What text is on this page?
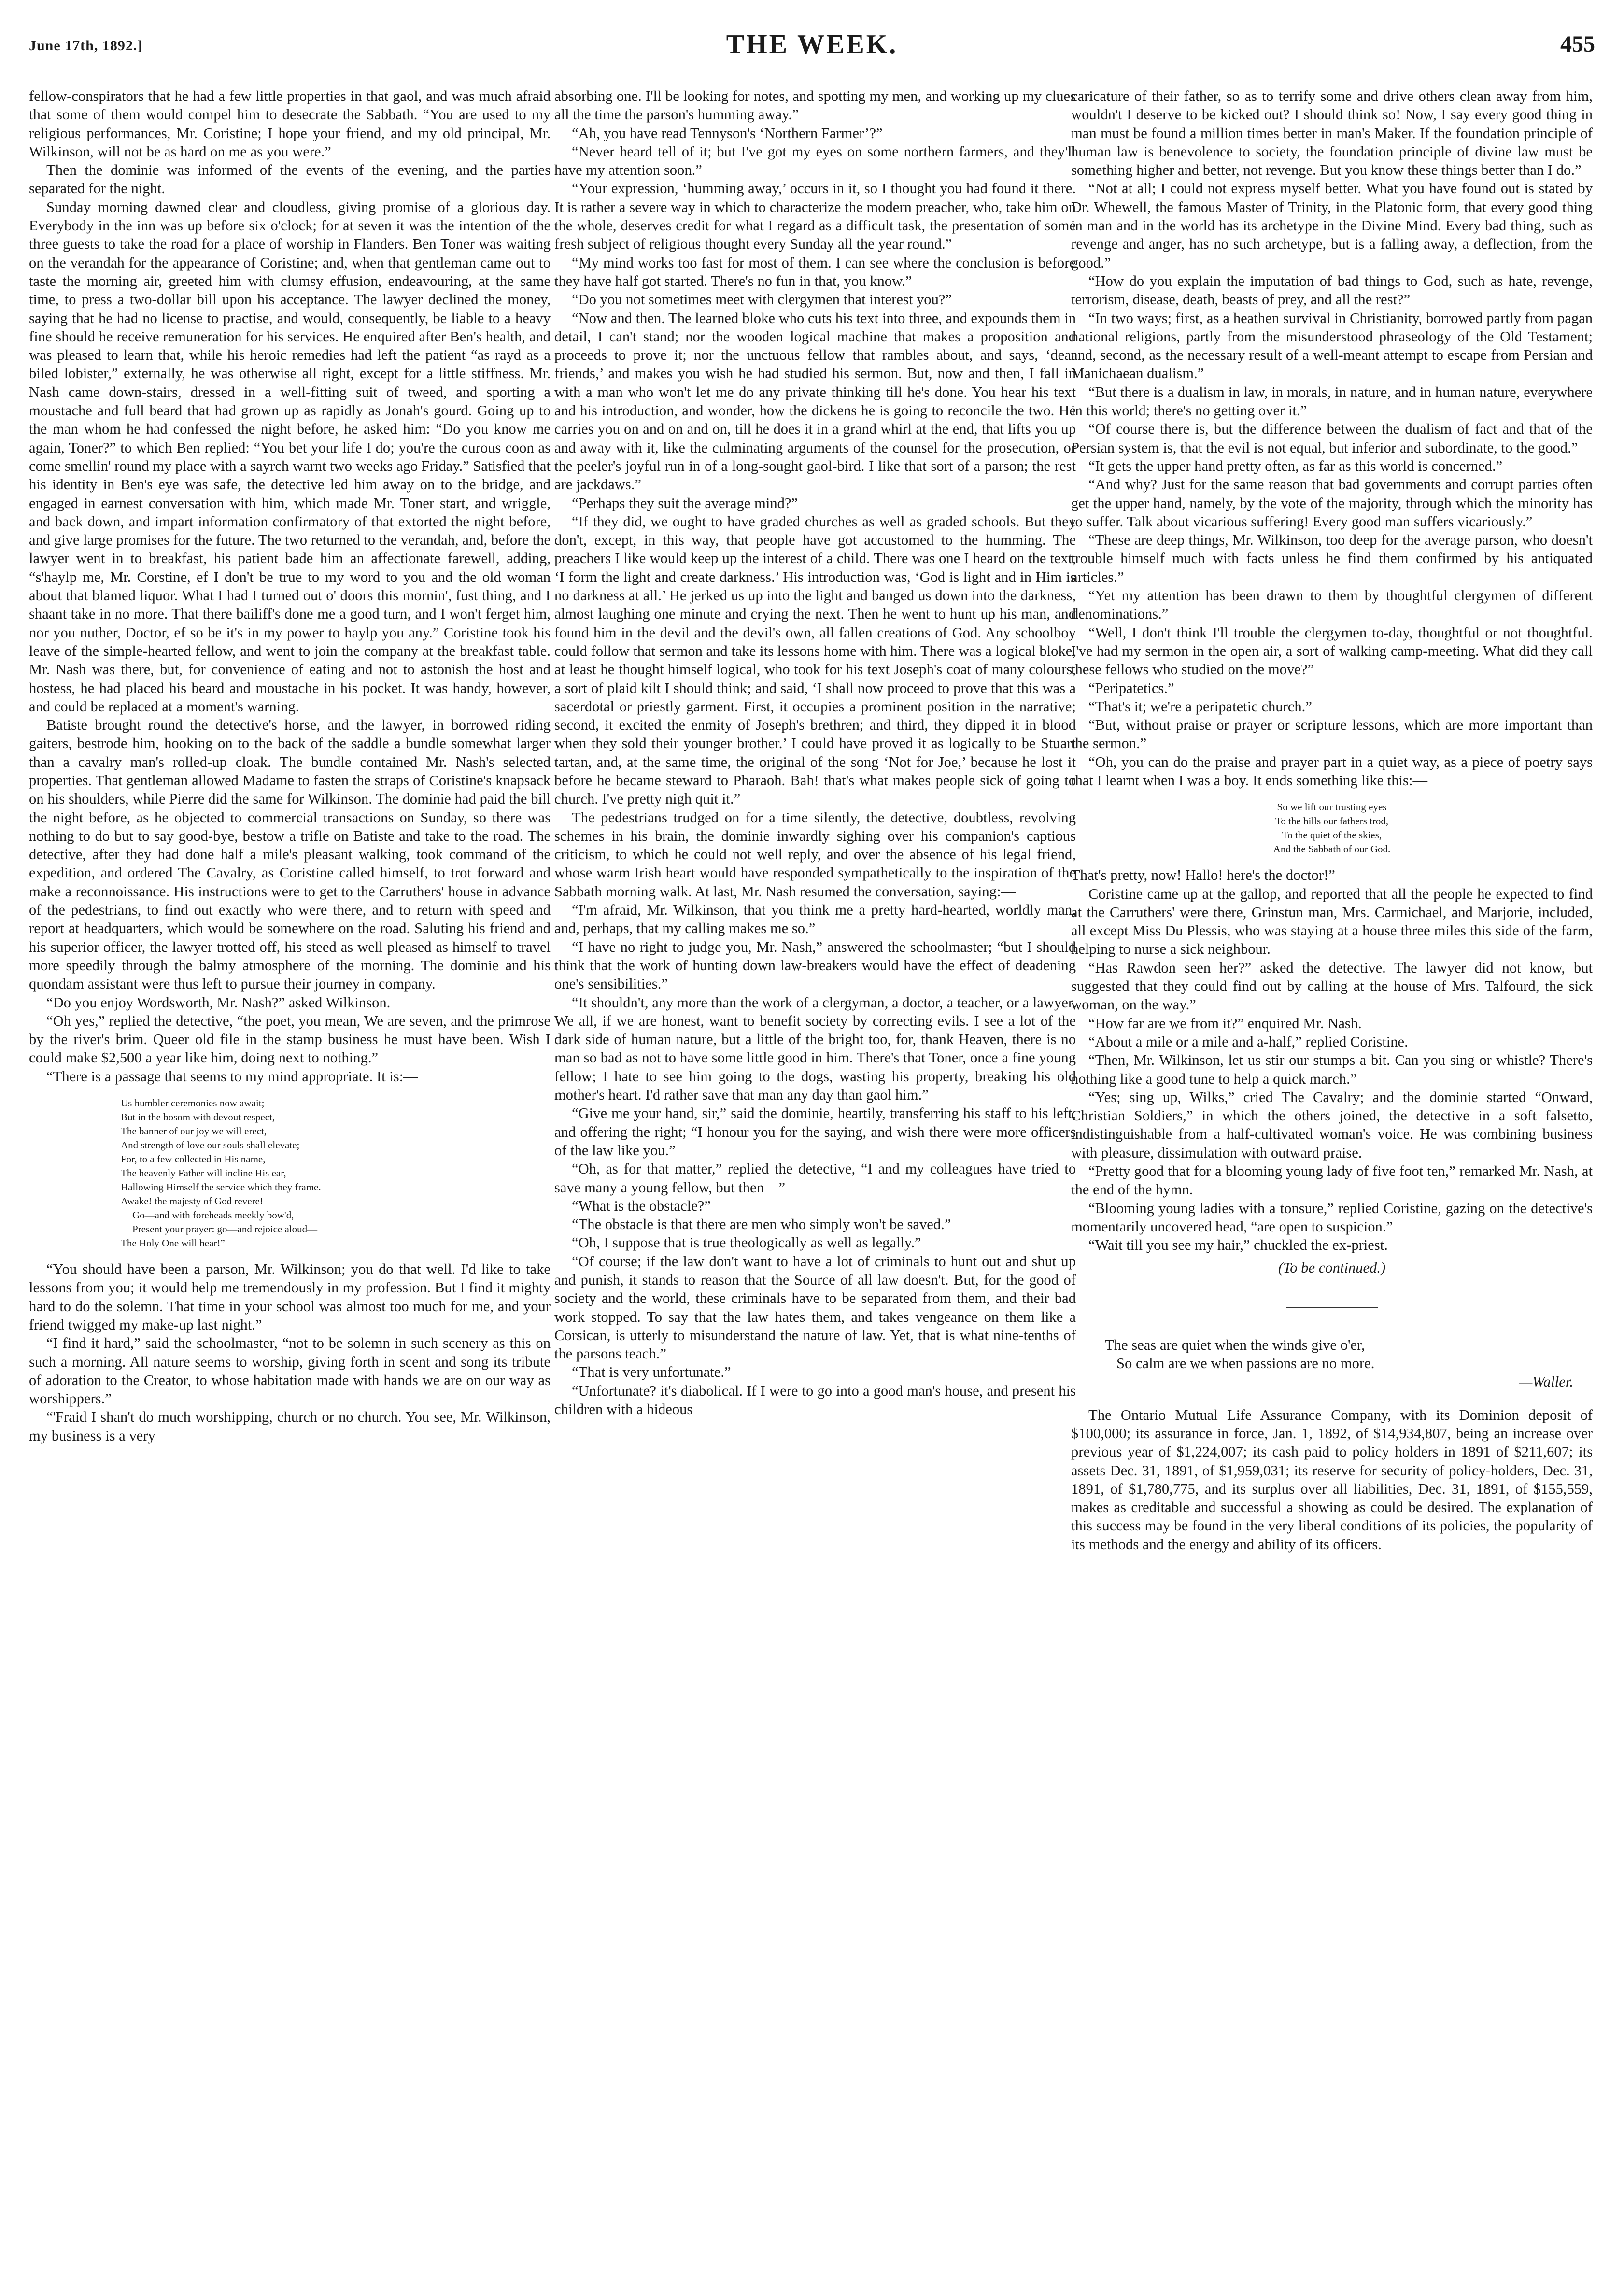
June 17th, 1892.]	THE WEEK.	455

fellow-conspirators that he had a few little properties in that gaol, and was much afraid that some of them would compel him to desecrate the Sabbath. “You are used to my religious performances, Mr. Coristine; I hope your friend, and my old principal, Mr. Wilkinson, will not be as hard on me as you were.”

Then the dominie was informed of the events of the evening, and the parties separated for the night.

Sunday morning dawned clear and cloudless, giving promise of a glorious day. Everybody in the inn was up before six o'clock; for at seven it was the intention of the three guests to take the road for a place of worship in Flanders. Ben Toner was waiting on the verandah for the appearance of Coristine; and, when that gentleman came out to taste the morning air, greeted him with clumsy effusion, endeavouring, at the same time, to press a two-dollar bill upon his acceptance. The lawyer declined the money, saying that he had no license to practise, and would, consequently, be liable to a heavy fine should he receive remuneration for his services. He enquired after Ben's health, and was pleased to learn that, while his heroic remedies had left the patient “as rayd as a biled lobister,” externally, he was otherwise all right, except for a little stiffness. Mr. Nash came down-stairs, dressed in a well-fitting suit of tweed, and sporting a moustache and full beard that had grown up as rapidly as Jonah's gourd. Going up to the man whom he had confessed the night before, he asked him: “Do you know me again, Toner?” to which Ben replied: “You bet your life I do; you're the curous coon as come smellin' round my place with a sayrch warnt two weeks ago Friday.” Satisfied that his identity in Ben's eye was safe, the detective led him away on to the bridge, and engaged in earnest conversation with him, which made Mr. Toner start, and wriggle, and back down, and impart information confirmatory of that extorted the night before, and give large promises for the future. The two returned to the verandah, and, before the lawyer went in to breakfast, his patient bade him an affectionate farewell, adding, “s'haylp me, Mr. Corstine, ef I don't be true to my word to you and the old woman about that blamed liquor. What I had I turned out o' doors this mornin', fust thing, and I shaant take in no more. That there bailiff's done me a good turn, and I won't ferget him, nor you nuther, Doctor, ef so be it's in my power to haylp you any.” Coristine took his leave of the simple-hearted fellow, and went to join the company at the breakfast table. Mr. Nash was there, but, for convenience of eating and not to astonish the host and hostess, he had placed his beard and moustache in his pocket. It was handy, however, and could be replaced at a moment's warning.

Batiste brought round the detective's horse, and the lawyer, in borrowed riding gaiters, bestrode him, hooking on to the back of the saddle a bundle somewhat larger than a cavalry man's rolled-up cloak. The bundle contained Mr. Nash's selected properties. That gentleman allowed Madame to fasten the straps of Coristine's knapsack on his shoulders, while Pierre did the same for Wilkinson. The dominie had paid the bill the night before, as he objected to commercial transactions on Sunday, so there was nothing to do but to say good-bye, bestow a trifle on Batiste and take to the road. The detective, after they had done half a mile's pleasant walking, took command of the expedition, and ordered The Cavalry, as Coristine called himself, to trot forward and make a reconnoissance. His instructions were to get to the Carruthers' house in advance of the pedestrians, to find out exactly who were there, and to return with speed and report at headquarters, which would be somewhere on the road. Saluting his friend and his superior officer, the lawyer trotted off, his steed as well pleased as himself to travel more speedily through the balmy atmosphere of the morning. The dominie and his quondam assistant were thus left to pursue their journey in company.

“Do you enjoy Wordsworth, Mr. Nash?” asked Wilkinson.

“Oh yes,” replied the detective, “the poet, you mean, We are seven, and the primrose by the river's brim. Queer old file in the stamp business he must have been. Wish I could make $2,500 a year like him, doing next to nothing.”

“There is a passage that seems to my mind appropriate. It is:—

Us humbler ceremonies now await;
But in the bosom with devout respect,
The banner of our joy we will erect,
And strength of love our souls shall elevate;
For, to a few collected in His name,
The heavenly Father will incline His ear,
Hallowing Himself the service which they frame.
Awake! the majesty of God revere!
Go—and with foreheads meekly bow'd,
Present your prayer: go—and rejoice aloud—
The Holy One will hear!”

“You should have been a parson, Mr. Wilkinson; you do that well. I'd like to take lessons from you; it would help me tremendously in my profession. But I find it mighty hard to do the solemn. That time in your school was almost too much for me, and your friend twigged my make-up last night.”

“I find it hard,” said the schoolmaster, “not to be solemn in such scenery as this on such a morning. All nature seems to worship, giving forth in scent and song its tribute of adoration to the Creator, to whose habitation made with hands we are on our way as worshippers.”

“'Fraid I shan't do much worshipping, church or no church. You see, Mr. Wilkinson, my business is a very

absorbing one. I'll be looking for notes, and spotting my men, and working up my clues all the time the parson's humming away.”

“Ah, you have read Tennyson's ‘Northern Farmer’?”

“Never heard tell of it; but I've got my eyes on some northern farmers, and they'll have my attention soon.”

“Your expression, ‘humming away,’ occurs in it, so I thought you had found it there. It is rather a severe way in which to characterize the modern preacher, who, take him on the whole, deserves credit for what I regard as a difficult task, the presentation of some fresh subject of religious thought every Sunday all the year round.”

“My mind works too fast for most of them. I can see where the conclusion is before they have half got started. There's no fun in that, you know.”

“Do you not sometimes meet with clergymen that interest you?”

“Now and then. The learned bloke who cuts his text into three, and expounds them in detail, I can't stand; nor the wooden logical machine that makes a proposition and proceeds to prove it; nor the unctuous fellow that rambles about, and says, ‘dear friends,’ and makes you wish he had studied his sermon. But, now and then, I fall in with a man who won't let me do any private thinking till he's done. You hear his text and his introduction, and wonder, how the dickens he is going to reconcile the two. He carries you on and on and on, till he does it in a grand whirl at the end, that lifts you up and away with it, like the culminating arguments of the counsel for the prosecution, or the peeler's joyful run in of a long-sought gaol-bird. I like that sort of a parson; the rest are jackdaws.”

“Perhaps they suit the average mind?”

“If they did, we ought to have graded churches as well as graded schools. But they don't, except, in this way, that people have got accustomed to the humming. The preachers I like would keep up the interest of a child. There was one I heard on the text, ‘I form the light and create darkness.’ His introduction was, ‘God is light and in Him is no darkness at all.’ He jerked us up into the light and banged us down into the darkness, almost laughing one minute and crying the next. Then he went to hunt up his man, and found him in the devil and the devil's own, all fallen creations of God. Any schoolboy could follow that sermon and take its lessons home with him. There was a logical bloke, at least he thought himself logical, who took for his text Joseph's coat of many colours, a sort of plaid kilt I should think; and said, ‘I shall now proceed to prove that this was a sacerdotal or priestly garment. First, it occupies a prominent position in the narrative; second, it excited the enmity of Joseph's brethren; and third, they dipped it in blood when they sold their younger brother.’ I could have proved it as logically to be Stuart tartan, and, at the same time, the original of the song ‘Not for Joe,’ because he lost it before he became steward to Pharaoh. Bah! that's what makes people sick of going to church. I've pretty nigh quit it.”

The pedestrians trudged on for a time silently, the detective, doubtless, revolving schemes in his brain, the dominie inwardly sighing over his companion's captious criticism, to which he could not well reply, and over the absence of his legal friend, whose warm Irish heart would have responded sympathetically to the inspiration of the Sabbath morning walk. At last, Mr. Nash resumed the conversation, saying:—

“I'm afraid, Mr. Wilkinson, that you think me a pretty hard-hearted, worldly man, and, perhaps, that my calling makes me so.”

“I have no right to judge you, Mr. Nash,” answered the schoolmaster; “but I should think that the work of hunting down law-breakers would have the effect of deadening one's sensibilities.”

“It shouldn't, any more than the work of a clergyman, a doctor, a teacher, or a lawyer. We all, if we are honest, want to benefit society by correcting evils. I see a lot of the dark side of human nature, but a little of the bright too, for, thank Heaven, there is no man so bad as not to have some little good in him. There's that Toner, once a fine young fellow; I hate to see him going to the dogs, wasting his property, breaking his old mother's heart. I'd rather save that man any day than gaol him.”

“Give me your hand, sir,” said the dominie, heartily, transferring his staff to his left, and offering the right; “I honour you for the saying, and wish there were more officers of the law like you.”

“Oh, as for that matter,” replied the detective, “I and my colleagues have tried to save many a young fellow, but then—”

“What is the obstacle?”

“The obstacle is that there are men who simply won't be saved.”

“Oh, I suppose that is true theologically as well as legally.”

“Of course; if the law don't want to have a lot of criminals to hunt out and shut up and punish, it stands to reason that the Source of all law doesn't. But, for the good of society and the world, these criminals have to be separated from them, and their bad work stopped. To say that the law hates them, and takes vengeance on them like a Corsican, is utterly to misunderstand the nature of law. Yet, that is what nine-tenths of the parsons teach.”

“That is very unfortunate.”

“Unfortunate? it's diabolical. If I were to go into a good man's house, and present his children with a hideous

caricature of their father, so as to terrify some and drive others clean away from him, wouldn't I deserve to be kicked out? I should think so! Now, I say every good thing in man must be found a million times better in man's Maker. If the foundation principle of human law is benevolence to society, the foundation principle of divine law must be something higher and better, not revenge. But you know these things better than I do.”

“Not at all; I could not express myself better. What you have found out is stated by Dr. Whewell, the famous Master of Trinity, in the Platonic form, that every good thing in man and in the world has its archetype in the Divine Mind. Every bad thing, such as revenge and anger, has no such archetype, but is a falling away, a deflection, from the good.”

“How do you explain the imputation of bad things to God, such as hate, revenge, terrorism, disease, death, beasts of prey, and all the rest?”

“In two ways; first, as a heathen survival in Christianity, borrowed partly from pagan national religions, partly from the misunderstood phraseology of the Old Testament; and, second, as the necessary result of a well-meant attempt to escape from Persian and Manichaean dualism.”

“But there is a dualism in law, in morals, in nature, and in human nature, everywhere in this world; there's no getting over it.”

“Of course there is, but the difference between the dualism of fact and that of the Persian system is, that the evil is not equal, but inferior and subordinate, to the good.”

“It gets the upper hand pretty often, as far as this world is concerned.”

“And why? Just for the same reason that bad governments and corrupt parties often get the upper hand, namely, by the vote of the majority, through which the minority has to suffer. Talk about vicarious suffering! Every good man suffers vicariously.”

“These are deep things, Mr. Wilkinson, too deep for the average parson, who doesn't trouble himself much with facts unless he find them confirmed by his antiquated articles.”

“Yet my attention has been drawn to them by thoughtful clergymen of different denominations.”

“Well, I don't think I'll trouble the clergymen to-day, thoughtful or not thoughtful. I've had my sermon in the open air, a sort of walking camp-meeting. What did they call these fellows who studied on the move?”

“Peripatetics.”

“That's it; we're a peripatetic church.”

“But, without praise or prayer or scripture lessons, which are more important than the sermon.”

“Oh, you can do the praise and prayer part in a quiet way, as a piece of poetry says that I learnt when I was a boy. It ends something like this:—

So we lift our trusting eyes
To the hills our fathers trod,
To the quiet of the skies,
And the Sabbath of our God.

That's pretty, now! Hallo! here's the doctor!”

Coristine came up at the gallop, and reported that all the people he expected to find at the Carruthers' were there, Grinstun man, Mrs. Carmichael, and Marjorie, included, all except Miss Du Plessis, who was staying at a house three miles this side of the farm, helping to nurse a sick neighbour.

“Has Rawdon seen her?” asked the detective. The lawyer did not know, but suggested that they could find out by calling at the house of Mrs. Talfourd, the sick woman, on the way.”

“How far are we from it?” enquired Mr. Nash.

“About a mile or a mile and a-half,” replied Coristine.

“Then, Mr. Wilkinson, let us stir our stumps a bit. Can you sing or whistle? There's nothing like a good tune to help a quick march.”

“Yes; sing up, Wilks,” cried The Cavalry; and the dominie started “Onward, Christian Soldiers,” in which the others joined, the detective in a soft falsetto, indistinguishable from a half-cultivated woman's voice. He was combining business with pleasure, dissimulation with outward praise.

“Pretty good that for a blooming young lady of five foot ten,” remarked Mr. Nash, at the end of the hymn.

“Blooming young ladies with a tonsure,” replied Coristine, gazing on the detective's momentarily uncovered head, “are open to suspicion.”

“Wait till you see my hair,” chuckled the ex-priest.

(To be continued.)
The seas are quiet when the winds give o'er,
So calm are we when passions are no more.
—Waller.

The Ontario Mutual Life Assurance Company, with its Dominion deposit of $100,000; its assurance in force, Jan. 1, 1892, of $14,934,807, being an increase over previous year of $1,224,007; its cash paid to policy holders in 1891 of $211,607; its assets Dec. 31, 1891, of $1,959,031; its reserve for security of policy-holders, Dec. 31, 1891, of $1,780,775, and its surplus over all liabilities, Dec. 31, 1891, of $155,559, makes as creditable and successful a showing as could be desired. The explanation of this success may be found in the very liberal conditions of its policies, the popularity of its methods and the energy and ability of its officers.
